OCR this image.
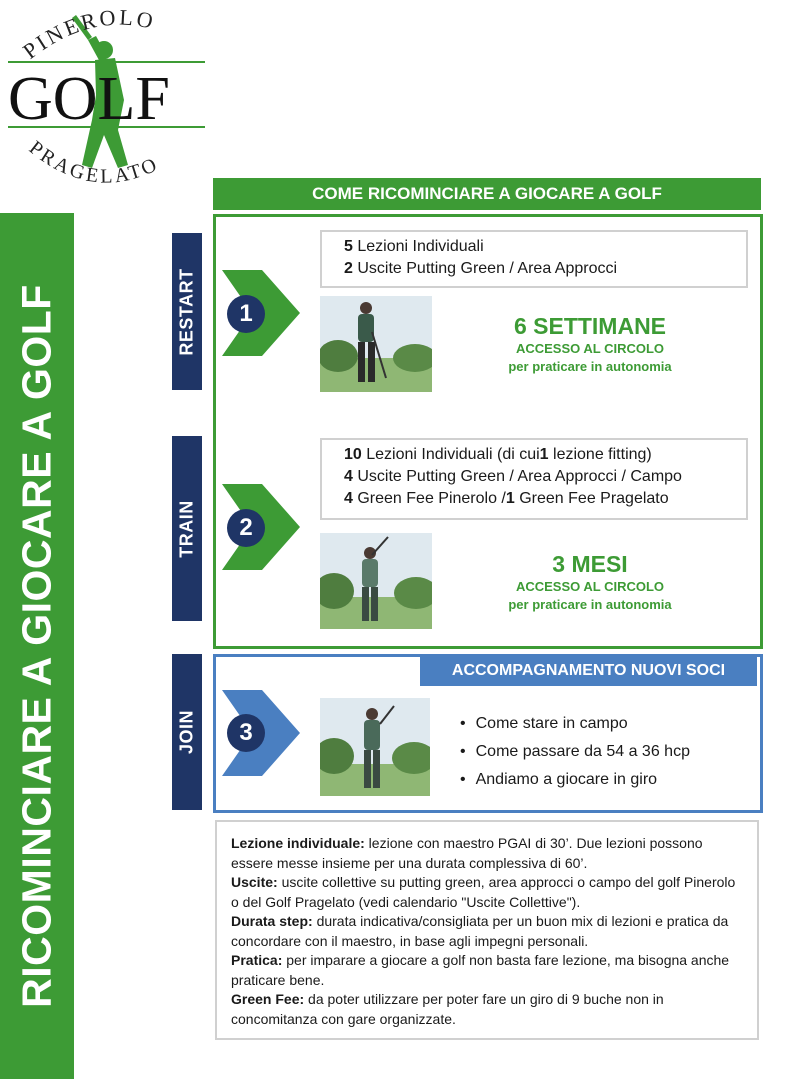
PINEROLO
GOLF
PRAGELATO
RICOMINCIARE A GIOCARE A GOLF
COME RICOMINCIARE A GIOCARE A GOLF
RESTART
TRAIN
JOIN
1
5 Lezioni Individuali
2 Uscite Putting Green / Area Approcci
6 SETTIMANE
ACCESSO AL CIRCOLO
per praticare in autonomia
2
10 Lezioni Individuali (di cui1 lezione fitting)
4 Uscite Putting Green / Area Approcci / Campo
4 Green Fee Pinerolo /1 Green Fee Pragelato
3 MESI
ACCESSO AL CIRCOLO
per praticare in autonomia
ACCOMPAGNAMENTO NUOVI SOCI
3
•	Come stare in campo
• Come passare da 54 a 36 hcp
• Andiamo a giocare in giro

Lezione individuale: lezione con maestro PGAI di 30’. Due lezioni possono essere messe insieme per una durata complessiva di 60’.

Uscite: uscite collettive su putting green, area approcci o campo del golf Pinerolo o del Golf Pragelato (vedi calendario "Uscite Collettive").

Durata step: durata indicativa/consigliata per un buon mix di lezioni e pratica da concordare con il maestro, in base agli impegni personali.

Pratica: per imparare a giocare a golf non basta fare lezione, ma bisogna anche praticare bene.

Green Fee: da poter utilizzare per poter fare un giro di 9 buche non in concomitanza con gare organizzate.
